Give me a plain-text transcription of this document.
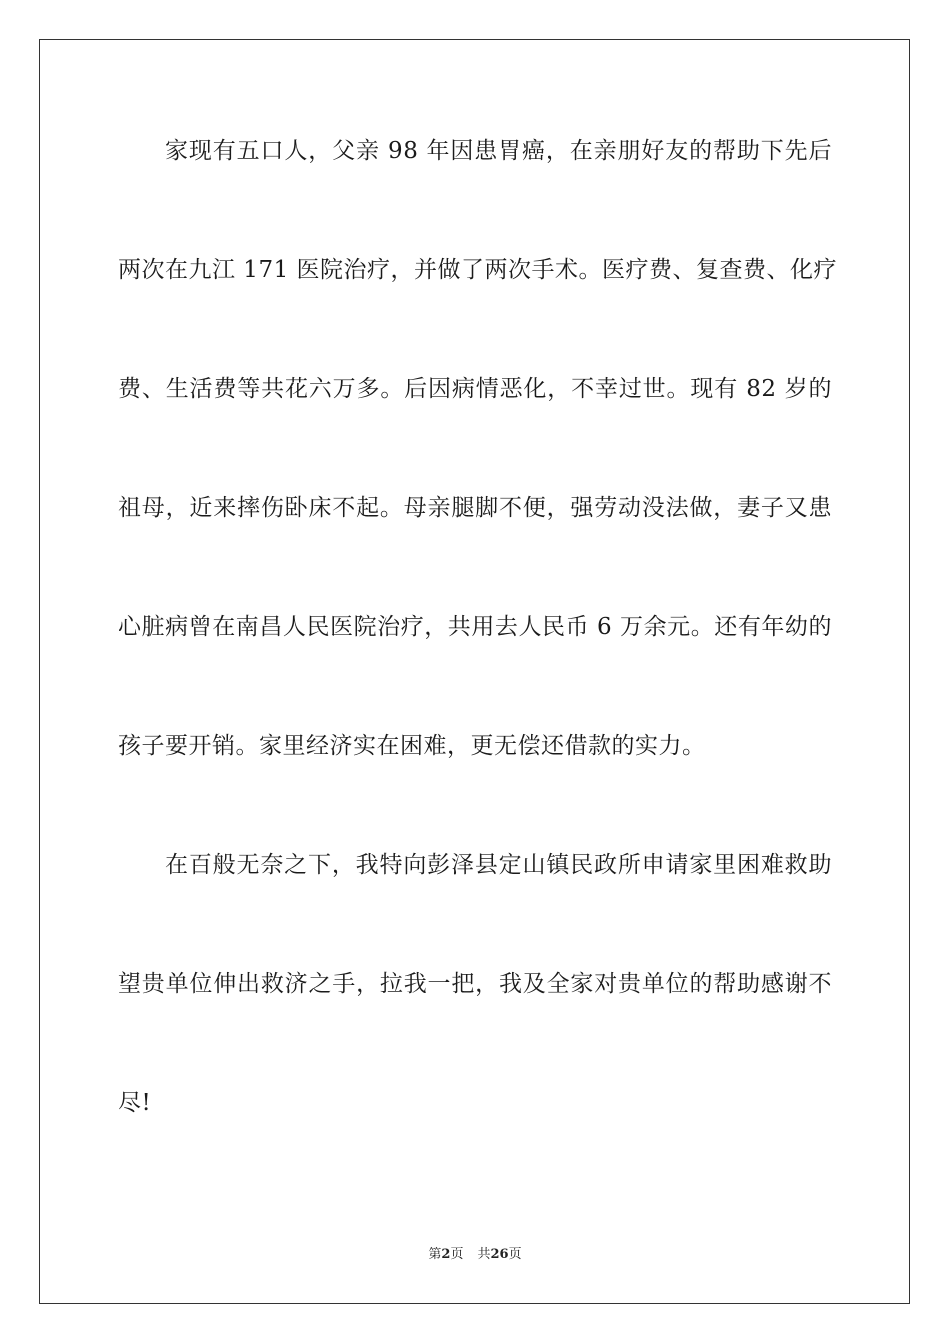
家现有五口人，父亲 98 年因患胃癌，在亲朋好友的帮助下先后
两次在九江 171 医院治疗，并做了两次手术。医疗费、复查费、化疗
费、生活费等共花六万多。后因病情恶化，不幸过世。现有 82 岁的
祖母，近来摔伤卧床不起。母亲腿脚不便，强劳动没法做，妻子又患
心脏病曾在南昌人民医院治疗，共用去人民币 6 万余元。还有年幼的
孩子要开销。家里经济实在困难，更无偿还借款的实力。
在百般无奈之下，我特向彭泽县定山镇民政所申请家里困难救助
望贵单位伸出救济之手，拉我一把，我及全家对贵单位的帮助感谢不
尽!
第2页 共26页
